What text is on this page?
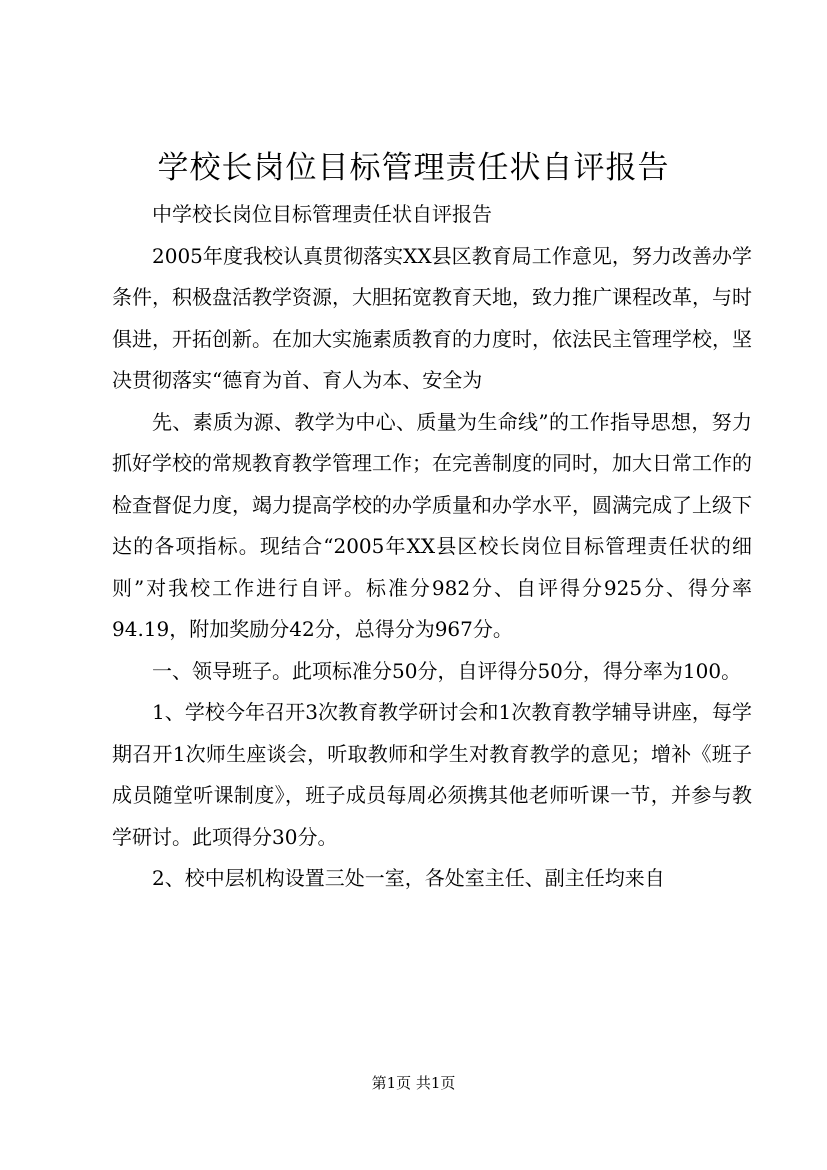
学校长岗位目标管理责任状自评报告

中学校长岗位目标管理责任状自评报告

2005年度我校认真贯彻落实XX县区教育局工作意见，努力改善办学条件，积极盘活教学资源，大胆拓宽教育天地，致力推广课程改革，与时俱进，开拓创新。在加大实施素质教育的力度时，依法民主管理学校，坚决贯彻落实“德育为首、育人为本、安全为

先、素质为源、教学为中心、质量为生命线”的工作指导思想，努力抓好学校的常规教育教学管理工作；在完善制度的同时，加大日常工作的检查督促力度，竭力提高学校的办学质量和办学水平，圆满完成了上级下达的各项指标。现结合“2005年XX县区校长岗位目标管理责任状的细则”对我校工作进行自评。标准分982分、自评得分925分、得分率94.19，附加奖励分42分，总得分为967分。

一、领导班子。此项标准分50分，自评得分50分，得分率为100。

1、学校今年召开3次教育教学研讨会和1次教育教学辅导讲座，每学期召开1次师生座谈会，听取教师和学生对教育教学的意见；增补《班子成员随堂听课制度》，班子成员每周必须携其他老师听课一节，并参与教学研讨。此项得分30分。

2、校中层机构设置三处一室，各处室主任、副主任均来自

第1页 共1页
